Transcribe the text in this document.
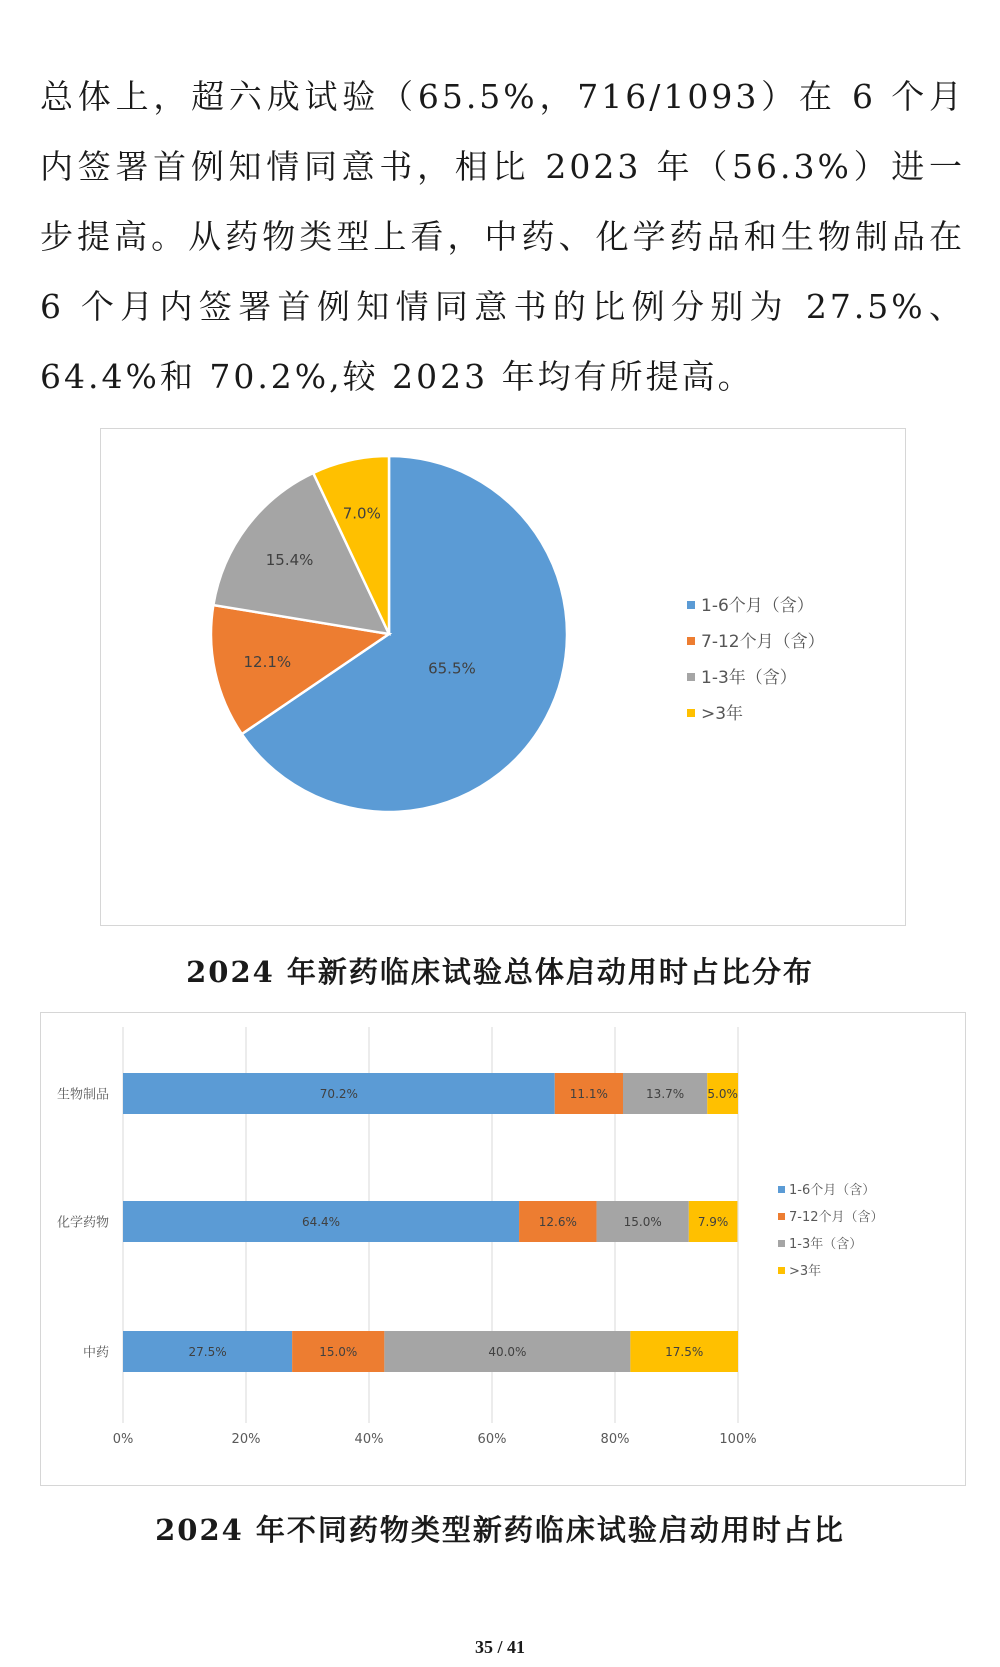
总体上，超六成试验（65.5%，716/1093）在 6 个月内签署首例知情同意书，相比 2023 年（56.3%）进一步提高。从药物类型上看，中药、化学药品和生物制品在 6 个月内签署首例知情同意书的比例分别为 27.5%、64.4%和 70.2%,较 2023 年均有所提高。

65.5%
12.1%
15.4%
7.0%
1-6个月（含）
7-12个月（含）
1-3年（含）
>3年
2024 年新药临床试验总体启动用时占比分布
0%	20%	40%	60%	80%	100%
生物制品	70.2%	11.1%	13.7% 5.0%
化学药物	64.4%	12.6%	15.0%	7.9%
中药	27.5%	15.0%	40.0%	17.5%
1-6个月（含）
7-12个月（含）
1-3年（含）
>3年
2024 年不同药物类型新药临床试验启动用时占比
35 / 41
